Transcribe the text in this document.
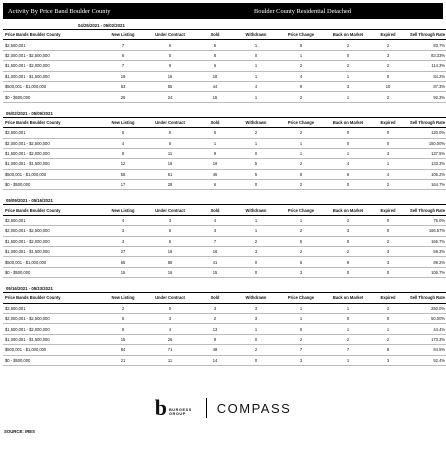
Activity By Price Band Boulder County	Boulder County Residential Detached
04/25/2021 - 05/02/2021
Price Bands Boulder County	New Listing	Under Contract	Sold	Withdrawn	Price Change	Back on Market	Expired	Sell Through Rate
$2,500,001	7	6	5	1	8	2	2	83.7%
$2,000,001 - $2,500,000	6	5	8	0	1	0	3	83.33%
$1,500,001 - $2,000,000	7	8	6	1	2	2	2	114.3%
$1,000,001 - $1,500,000	19	16	18	1	4	1	5	84.2%
$500,001 - $1,000,000	63	55	44	4	9	3	10	87.3%
$0 - $500,000	26	24	15	1	2	1	2	92.3%
05/02/2021 - 05/09/2021
Price Bands Boulder County	New Listing	Under Contract	Sold	Withdrawn	Price Change	Back on Market	Expired	Sell Through Rate
$2,500,001	5	6	5	2	2	0	0	120.0%
$2,000,001 - $2,500,000	4	6	1	1	1	0	0	150.00%
$1,500,001 - $2,000,000	8	11	9	0	1	1	3	137.5%
$1,000,001 - $1,500,000	12	16	19	5	2	4	1	133.3%
$500,001 - $1,000,000	58	61	46	5	8	6	4	105.2%
$0 - $500,000	17	28	6	0	2	0	2	164.7%
05/09/2021 - 05/16/2021
Price Bands Boulder County	New Listing	Under Contract	Sold	Withdrawn	Price Change	Back on Market	Expired	Sell Through Rate
$2,500,001	4	3	4	1	1	2	0	75.0%
$2,000,001 - $2,500,000	3	5	3	1	2	3	0	166.67%
$1,500,001 - $2,000,000	3	5	7	2	5	0	2	166.7%
$1,000,001 - $1,500,000	27	16	18	3	2	2	3	59.3%
$500,001 - $1,000,000	65	58	41	0	5	9	3	89.2%
$0 - $500,000	15	16	15	0	3	0	0	106.7%
05/16/2021 - 05/23/2021
Price Bands Boulder County	New Listing	Under Contract	Sold	Withdrawn	Price Change	Back on Market	Expired	Sell Through Rate
$2,500,001	2	5	3	3	1	1	2	250.0%
$2,000,001 - $2,500,000	6	3	2	3	1	0	0	50.00%
$1,500,001 - $2,000,000	9	4	13	1	0	1	1	44.4%
$1,000,001 - $1,500,000	15	26	9	0	2	2	2	173.3%
$500,001 - $1,000,000	84	71	48	2	7	7	8	84.5%
$0 - $500,000	21	11	14	0	3	1	3	52.4%
b BURGESS
GROUP	COMPASS
SOURCE: IRES
